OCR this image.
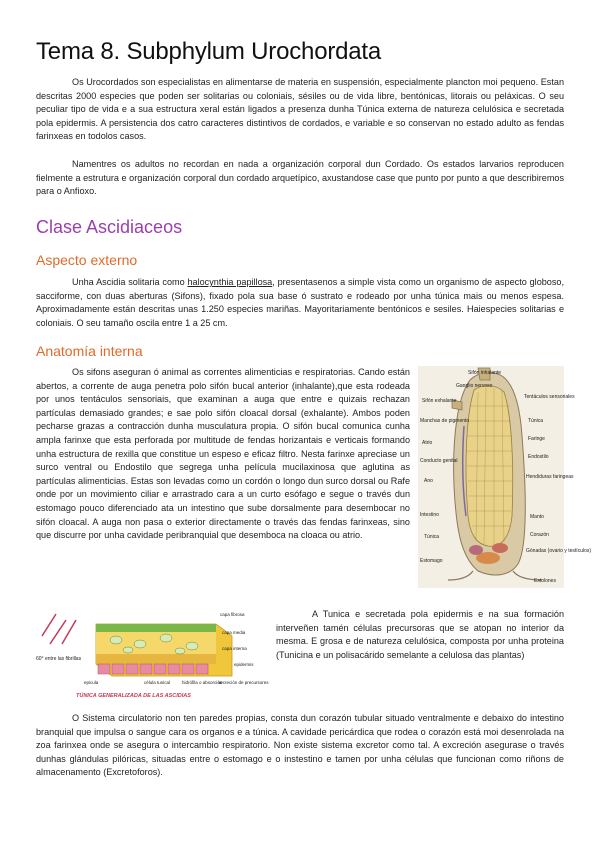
Tema 8. Subphylum Urochordata

Os Urocordados son especialistas en alimentarse de materia en suspensión, especialmente plancton moi pequeno. Estan descritas 2000 especies que poden ser solitarias ou coloniais, sésiles ou de vida libre, bentónicas, litorais ou peláxicas. O seu peculiar tipo de vida e a sua estructura xeral están ligados a presenza dunha Túnica externa de natureza celulósica e secretada pola epidermis. A persistencia dos catro caracteres distintivos de cordados, e variable e so conservan no estado adulto as fendas farinxeas en todolos casos.

Namentres os adultos no recordan en nada a organización corporal dun Cordado. Os estados larvarios reproducen fielmente a estrutura e organización corporal dun cordado arquetípico, axustandose case que punto por punto a que describiremos para o Anfioxo.

Clase Ascidiaceos
Aspecto externo

Unha Ascidia solitaria como halocynthia papillosa, presentasenos a simple vista como un organismo de aspecto globoso, sacciforme, con duas aberturas (Sifons), fixado pola sua base ó sustrato e rodeado por unha túnica mais ou menos espesa. Aproximadamente están descritas unas 1.250 especies mariñas. Mayoritariamente bentónicos e sesiles. Haiespecies solitarias e coloniais. O seu tamaño oscila entre 1 a 25 cm.

Anatomía interna

Os sifons aseguran ó animal as correntes alimenticias e respiratorias. Cando están abertos, a corrente de auga penetra polo sifón bucal anterior (inhalante),que esta rodeada por unos tentáculos sensoriais, que examinan a auga que entre e quizais rechazan partículas demasiado grandes; e sae polo sifón cloacal dorsal (exhalante). Ambos poden pecharse grazas a contracción dunha musculatura propia. O sifón bucal comunica cunha ampla farinxe que esta perforada por multitude de fendas horizantais e verticais formando unha estructura de rexilla que constitue un espeso e eficaz filtro. Nesta farinxe apreciase un surco ventral ou Endostilo que segrega unha película mucilaxinosa que aglutina as partículas alimenticias. Estas son levadas como un cordón o longo dun surco dorsal ou Rafe onde por un movimiento ciliar e arrastrado cara a un curto esófago e segue o través dun estomago pouco diferenciado ata un intestino que sube dorsalmente para desembocar no sifón cloacal. A auga non pasa o exterior directamente o través das fendas farinxeas, sino que discurre por unha cavidade peribranquial que desemboca na cloaca ou atrio.

Sifón inhalante
Ganglio nervoso
Sifón exhalante
Manchas de pigmento
Atrio
Conducto genital
Ano
Intestino
Túnica
Estomago
Tentáculos sensoriales
Túnica
Faringe
Endostilo
Hendiduras faringeas
Manto
Corazón
Gónadas (ovario y testículos)
Estolones
60° entre las fibrillas
capa fibrosa
capa media
capa interna
epidermis
epicula	célula tunical	hidrófila o absorción
secreción de precursores
TÚNICA GENERALIZADA DE LAS ASCIDIAS

A Tunica e secretada pola epidermis e na sua formación interveñen tamén células precursoras que se atopan no interior da mesma. E grosa e de natureza celulósica, composta por unha proteina (Tunicina e un polisacárido semelante a celulosa das plantas)

O Sistema circulatorio non ten paredes propias, consta dun corazón tubular situado ventralmente e debaixo do intestino branquial que impulsa o sangue cara os organos e a túnica. A cavidade pericárdica que rodea o corazón está moi desenrolada na zoa farinxea onde se asegura o intercambio respiratorio. Non existe sistema excretor como tal. A excreción asegurase o través dunhas glándulas pilóricas, situadas entre o estomago e o instestino e tamen por unha células que funcionan como riñons de almacenamento (Excretoforos).
